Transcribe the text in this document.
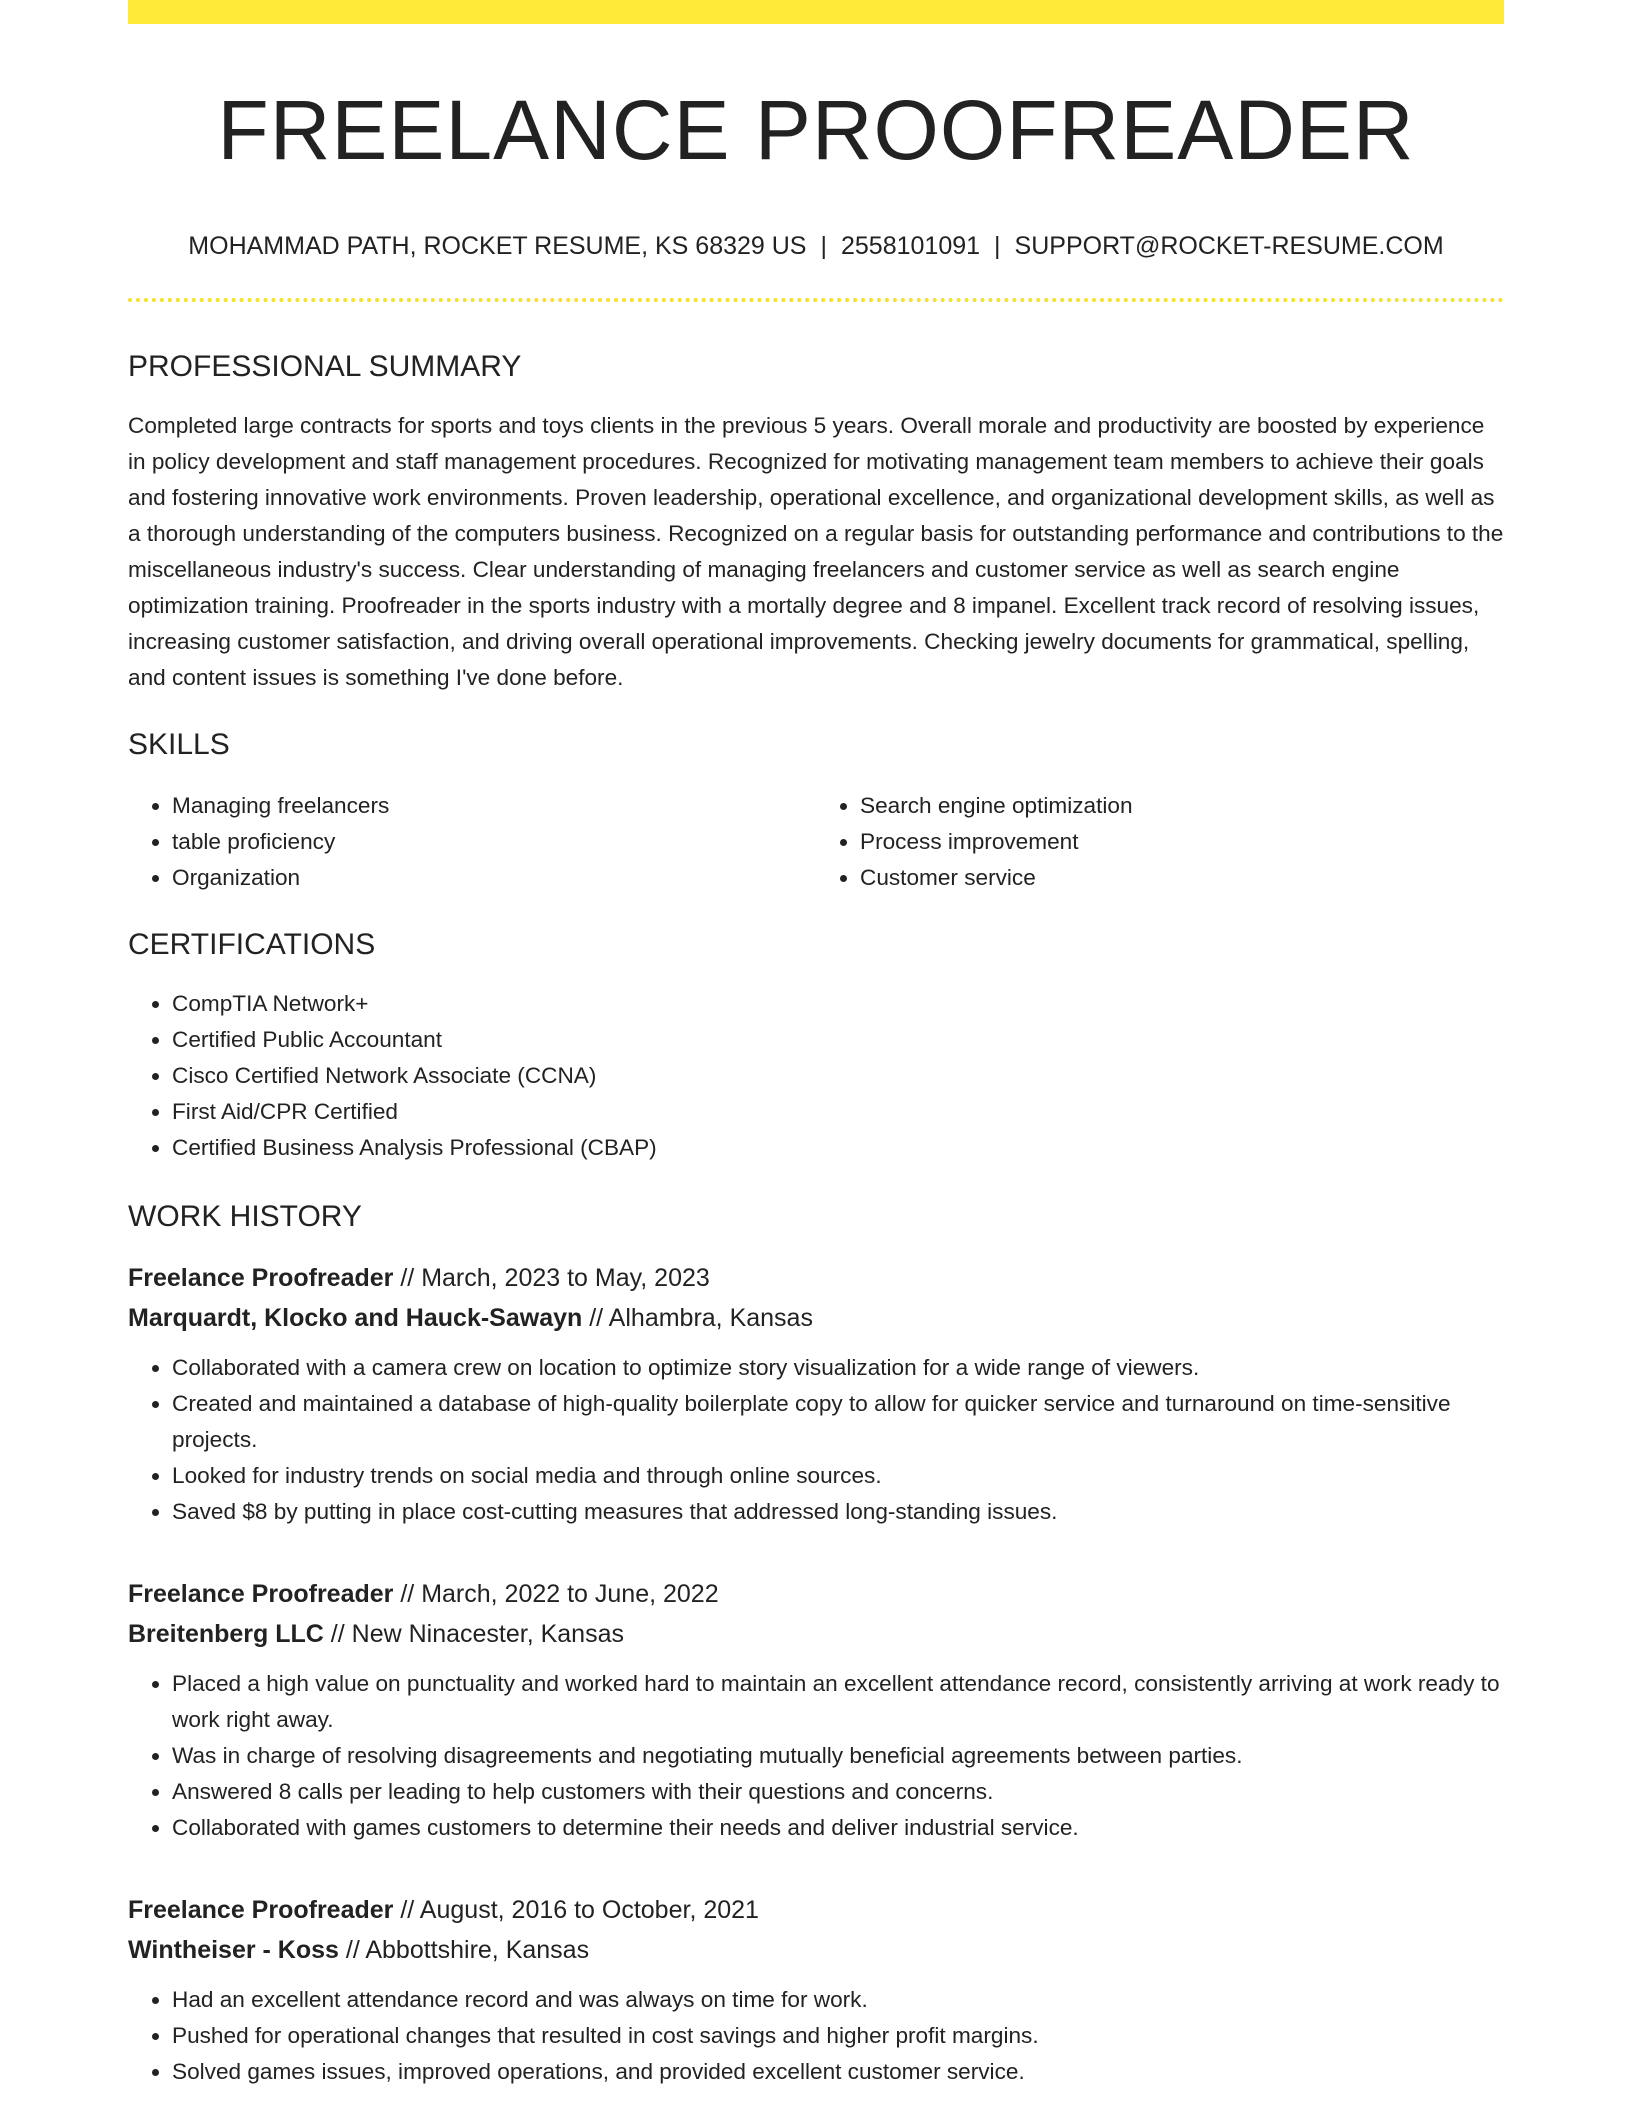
FREELANCE PROOFREADER
MOHAMMAD PATH, ROCKET RESUME, KS 68329 US | 2558101091 | SUPPORT@ROCKET-RESUME.COM
PROFESSIONAL SUMMARY

Completed large contracts for sports and toys clients in the previous 5 years. Overall morale and productivity are boosted by experience in policy development and staff management procedures. Recognized for motivating management team members to achieve their goals and fostering innovative work environments. Proven leadership, operational excellence, and organizational development skills, as well as a thorough understanding of the computers business. Recognized on a regular basis for outstanding performance and contributions to the miscellaneous industry's success. Clear understanding of managing freelancers and customer service as well as search engine optimization training. Proofreader in the sports industry with a mortally degree and 8 impanel. Excellent track record of resolving issues, increasing customer satisfaction, and driving overall operational improvements. Checking jewelry documents for grammatical, spelling, and content issues is something I've done before.

SKILLS
• Managing freelancers
• table proficiency
• Organization
• Search engine optimization
• Process improvement
• Customer service
CERTIFICATIONS
• CompTIA Network+
• Certified Public Accountant
• Cisco Certified Network Associate (CCNA)
• First Aid/CPR Certified
• Certified Business Analysis Professional (CBAP)
WORK HISTORY
Freelance Proofreader // March, 2023 to May, 2023
Marquardt, Klocko and Hauck-Sawayn // Alhambra, Kansas
• Collaborated with a camera crew on location to optimize story visualization for a wide range of viewers.
• Created and maintained a database of high-quality boilerplate copy to allow for quicker service and turnaround on time-sensitive projects.
• Looked for industry trends on social media and through online sources.
• Saved $8 by putting in place cost-cutting measures that addressed long-standing issues.
Freelance Proofreader // March, 2022 to June, 2022
Breitenberg LLC // New Ninacester, Kansas
• Placed a high value on punctuality and worked hard to maintain an excellent attendance record, consistently arriving at work ready to work right away.
• Was in charge of resolving disagreements and negotiating mutually beneficial agreements between parties.
• Answered 8 calls per leading to help customers with their questions and concerns.
• Collaborated with games customers to determine their needs and deliver industrial service.
Freelance Proofreader // August, 2016 to October, 2021
Wintheiser - Koss // Abbottshire, Kansas
• Had an excellent attendance record and was always on time for work.
• Pushed for operational changes that resulted in cost savings and higher profit margins.
• Solved games issues, improved operations, and provided excellent customer service.
